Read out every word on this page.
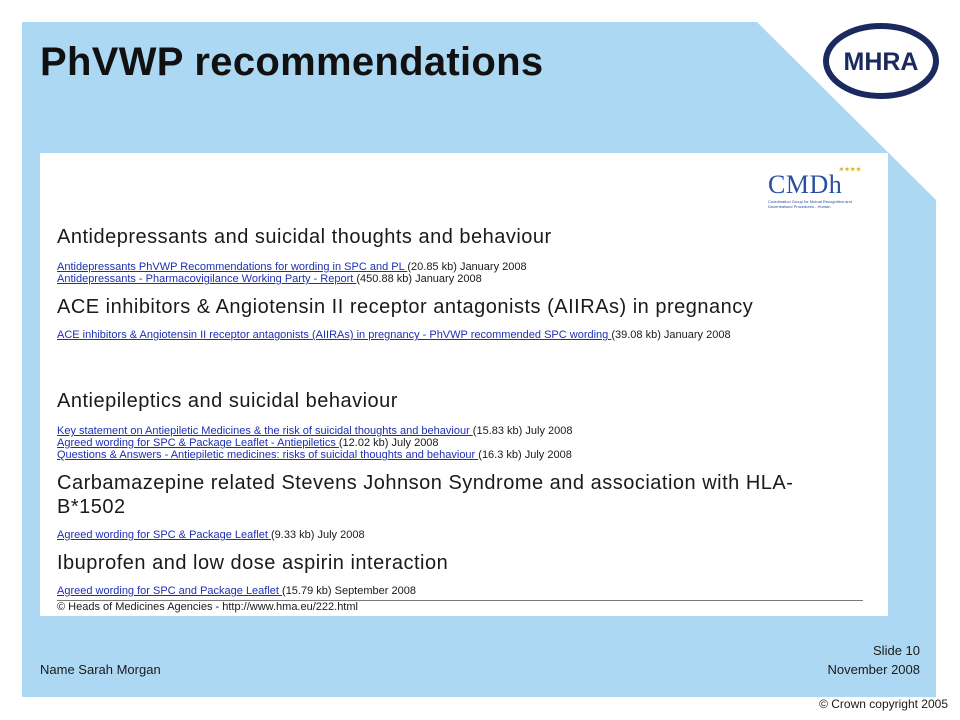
PhVWP recommendations	MHRA
CMDh
Coordination Group for Mutual Recognition and Decentralised Procedures - Human
✶✶✶✶
Antidepressants and suicidal thoughts and behaviour
Antidepressants PhVWP Recommendations for wording in SPC and PL (20.85 kb) January 2008
Antidepressants - Pharmacovigilance Working Party - Report (450.88 kb) January 2008
ACE inhibitors & Angiotensin II receptor antagonists (AIIRAs) in pregnancy
ACE inhibitors & Angiotensin II receptor antagonists (AIIRAs) in pregnancy - PhVWP recommended SPC wording (39.08 kb) January 2008
Antiepileptics and suicidal behaviour
Key statement on Antiepiletic Medicines & the risk of suicidal thoughts and behaviour (15.83 kb) July 2008
Agreed wording for SPC & Package Leaflet - Antiepiletics (12.02 kb) July 2008
Questions & Answers - Antiepiletic medicines: risks of suicidal thoughts and behaviour (16.3 kb) July 2008
Carbamazepine related Stevens Johnson Syndrome and association with HLA-B*1502
Agreed wording for SPC & Package Leaflet (9.33 kb) July 2008
Ibuprofen and low dose aspirin interaction
Agreed wording for SPC and Package Leaflet (15.79 kb) September 2008
© Heads of Medicines Agencies - http://www.hma.eu/222.html
Name Sarah Morgan
Slide 10
November 2008
© Crown copyright 2005
